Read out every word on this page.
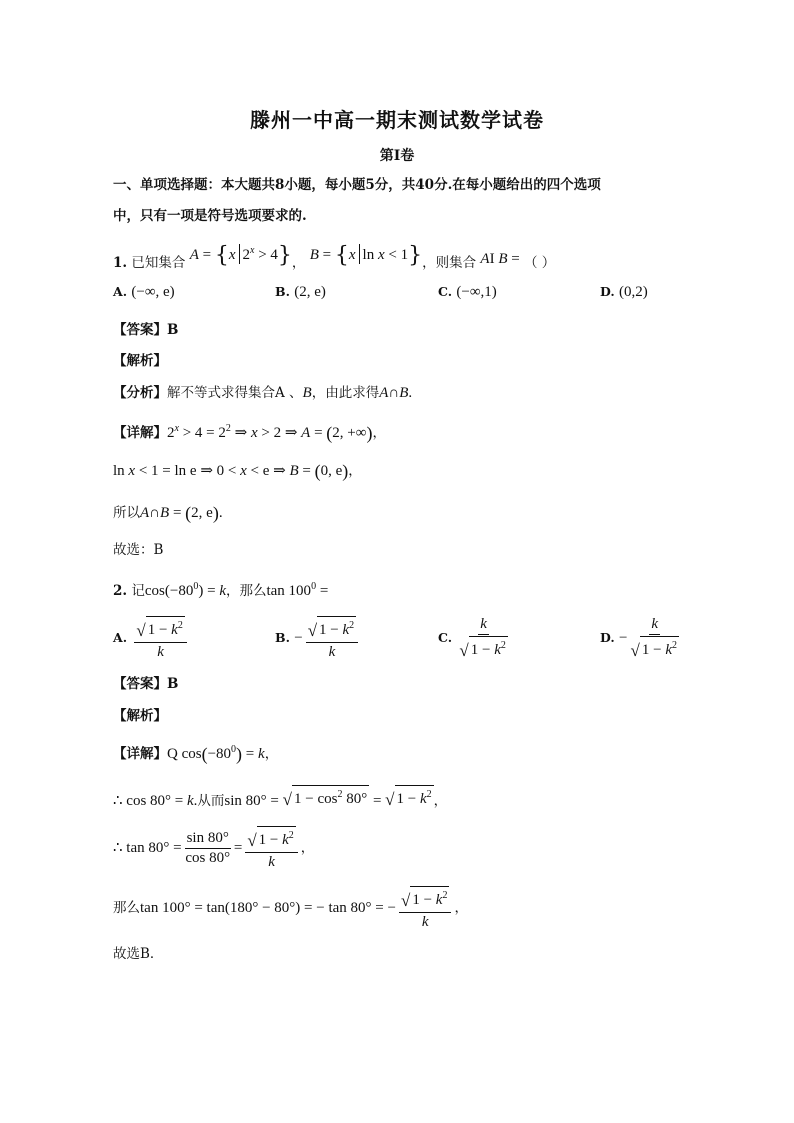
滕州一中高一期末测试数学试卷
第I卷
一、单项选择题：本大题共8小题，每小题5分，共40分.在每小题给出的四个选项
中，只有一项是符号选项要求的.
1. 已知集合 A = {x $2^x > 4$}， B = {x ln x < 1}，则集合 AI B = （ ）
A. (−∞, e)	B. (2, e)	C. (−∞,1)	D. (0,2)
【答案】B
【解析】
【分析】解不等式求得集合A 、B，由此求得A∩B.
【详解】$2^x > 4 = 2^2$ ⇒ x > 2 ⇒ A = (2, +∞)，
ln x < 1 = ln e ⇒ 0 < x < e ⇒ B = (0, e)，
所以A∩B = (2, e).
故选：B
2. 记$\cos(-80^0) = k$，那么$\tan 100^0$ =
A. $\frac{√ 1 - k^2}{k}$	B. − $\frac{√ 1 - k^2}{k}$	C. $\frac{k}{√ 1 - k^2}$	D. − $\frac{k}{√ 1 - k^2}$
【答案】B
【解析】
【详解】Q $\cos(-80^0) = k$，
∴ cos 80° = k.从而sin 80° = √ $1 - \cos^2 80^\circ$ = √ $1 - k^2$ ，
∴ $\tan 80^\circ = \frac{\sin 80^\circ}{\cos 80^\circ} = \frac{√ 1 - k^2}{k}$ ，
那么tan 100° = tan(180° − 80°) = − tan 80° = − $\frac{√ 1 - k^2}{k}$ ，
故选B．
